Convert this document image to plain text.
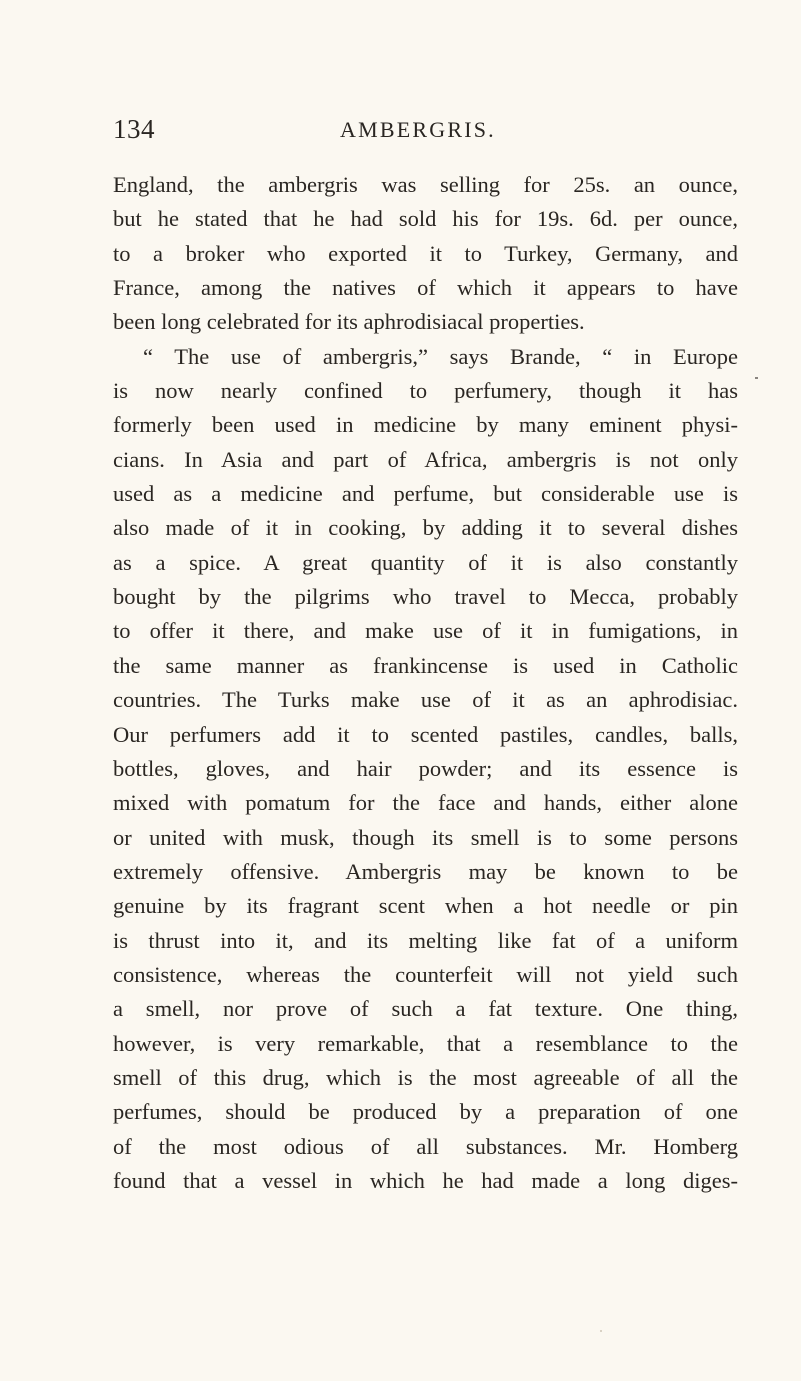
134	AMBERGRIS.
England, the ambergris was selling for 25s. an ounce,
but he stated that he had sold his for 19s. 6d. per ounce,
to a broker who exported it to Turkey, Germany, and
France, among the natives of which it appears to have
been long celebrated for its aphrodisiacal properties.
“ The use of ambergris,” says Brande, “ in Europe
is now nearly confined to perfumery, though it has
formerly been used in medicine by many eminent physi-
cians. In Asia and part of Africa, ambergris is not only
used as a medicine and perfume, but considerable use is
also made of it in cooking, by adding it to several dishes
as a spice. A great quantity of it is also constantly
bought by the pilgrims who travel to Mecca, probably
to offer it there, and make use of it in fumigations, in
the same manner as frankincense is used in Catholic
countries. The Turks make use of it as an aphrodisiac.
Our perfumers add it to scented pastiles, candles, balls,
bottles, gloves, and hair powder; and its essence is
mixed with pomatum for the face and hands, either alone
or united with musk, though its smell is to some persons
extremely offensive. Ambergris may be known to be
genuine by its fragrant scent when a hot needle or pin
is thrust into it, and its melting like fat of a uniform
consistence, whereas the counterfeit will not yield such
a smell, nor prove of such a fat texture. One thing,
however, is very remarkable, that a resemblance to the
smell of this drug, which is the most agreeable of all the
perfumes, should be produced by a preparation of one
of the most odious of all substances. Mr. Homberg
found that a vessel in which he had made a long diges-
